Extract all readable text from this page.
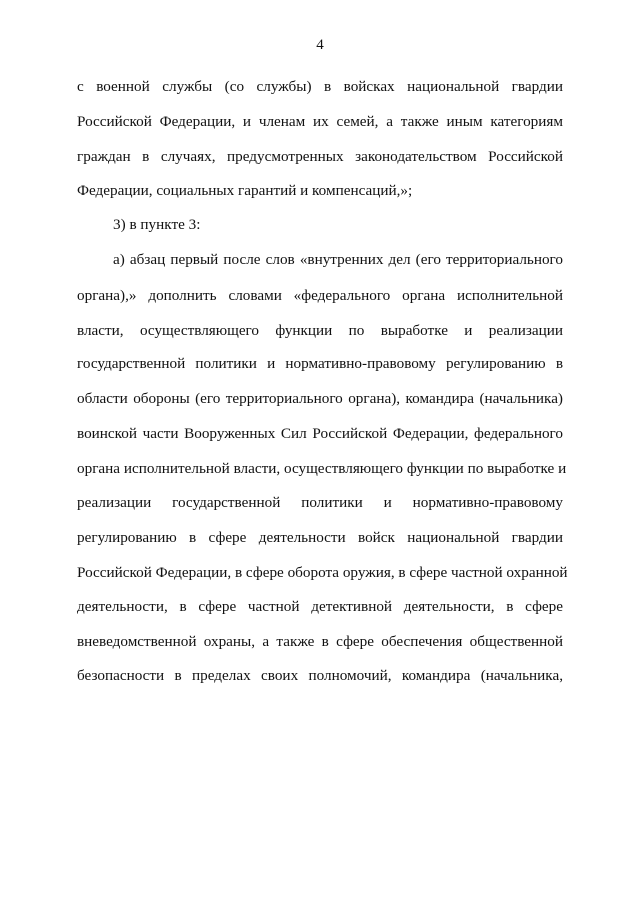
4
с военной службы (со службы) в войсках национальной гвардии
Российской Федерации, и членам их семей, а также иным категориям
граждан в случаях, предусмотренных законодательством Российской
Федерации, социальных гарантий и компенсаций,»;
3) в пункте 3:
а) абзац первый после слов «внутренних дел (его территориального
органа),» дополнить словами «федерального органа исполнительной
власти, осуществляющего функции по выработке и реализации
государственной политики и нормативно-правовому регулированию в
области обороны (его территориального органа), командира (начальника)
воинской части Вооруженных Сил Российской Федерации, федерального
органа исполнительной власти, осуществляющего функции по выработке и
реализации государственной политики и нормативно-правовому
регулированию в сфере деятельности войск национальной гвардии
Российской Федерации, в сфере оборота оружия, в сфере частной охранной
деятельности, в сфере частной детективной деятельности, в сфере
вневедомственной охраны, а также в сфере обеспечения общественной
безопасности в пределах своих полномочий, командира (начальника,
